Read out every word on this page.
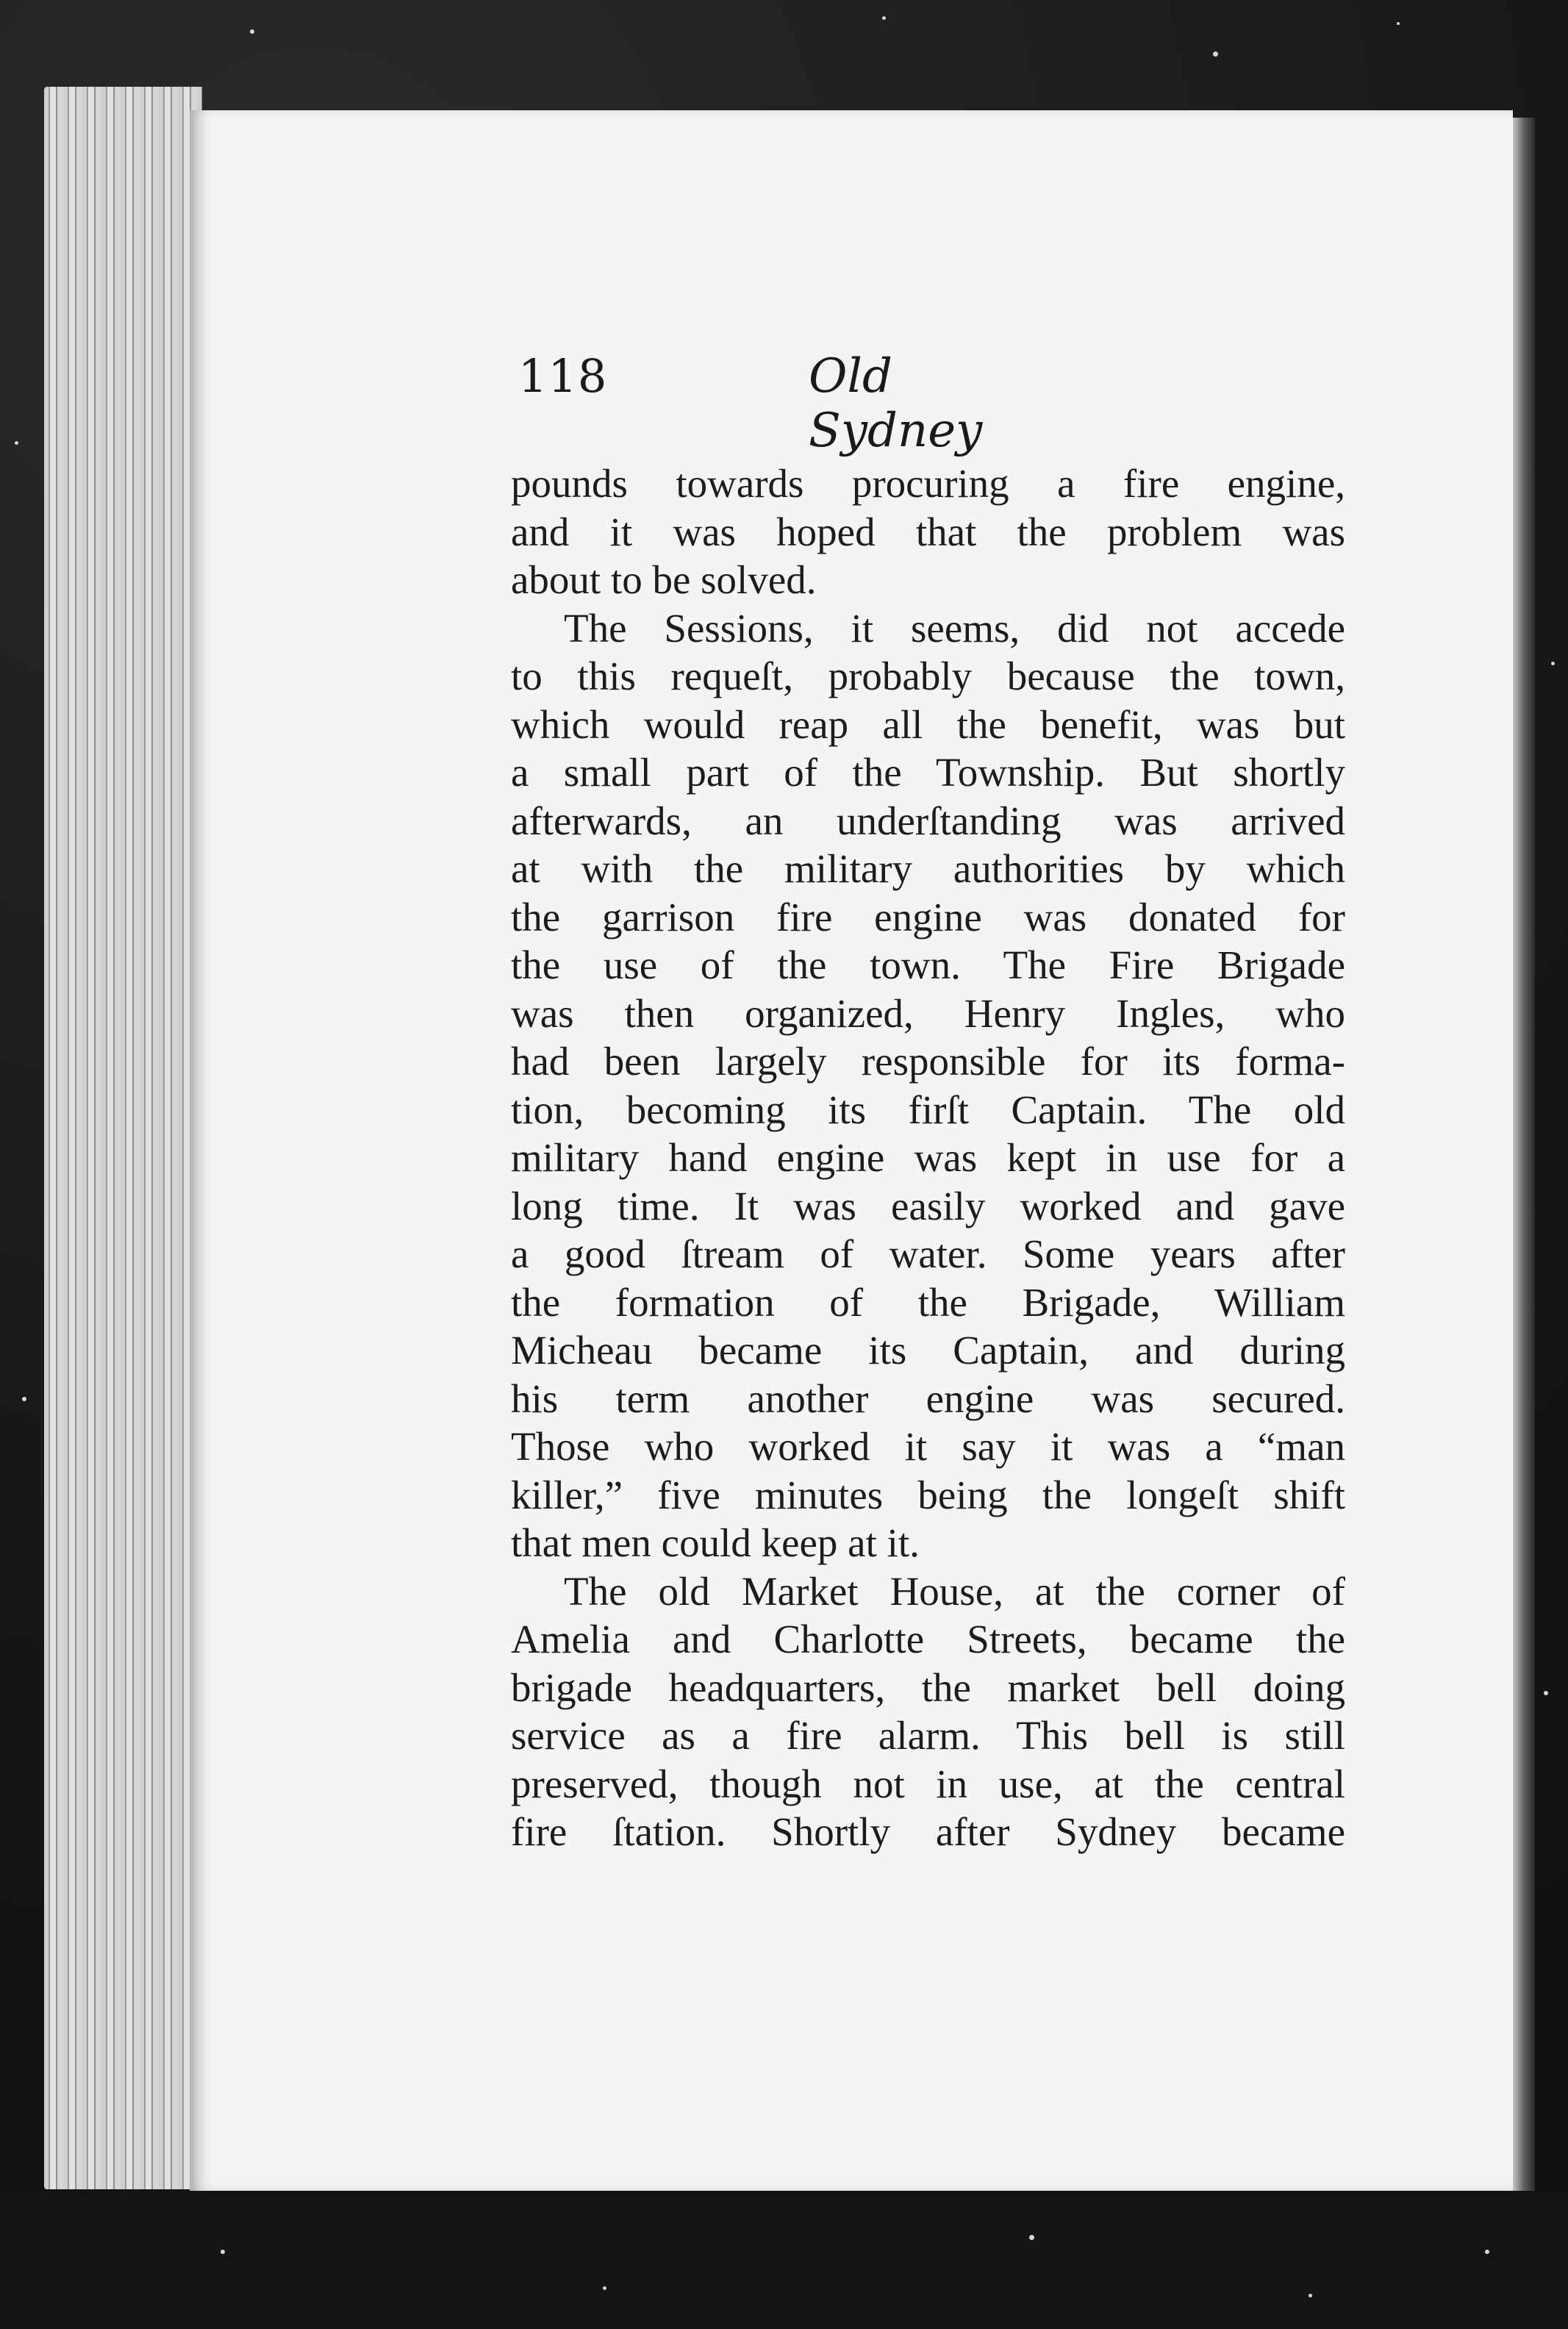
118	Old Sydney
pounds towards procuring a fire engine,
and it was hoped that the problem was
about to be solved.
The Sessions, it seems, did not accede
to this requeſt, probably because the town,
which would reap all the benefit, was but
a small part of the Township. But shortly
afterwards, an underſtanding was arrived
at with the military authorities by which
the garrison fire engine was donated for
the use of the town. The Fire Brigade
was then organized, Henry Ingles, who
had been largely responsible for its forma-
tion, becoming its firſt Captain. The old
military hand engine was kept in use for a
long time. It was easily worked and gave
a good ſtream of water. Some years after
the formation of the Brigade, William
Micheau became its Captain, and during
his term another engine was secured.
Those who worked it say it was a “man
killer,” five minutes being the longeſt shift
that men could keep at it.
The old Market House, at the corner of
Amelia and Charlotte Streets, became the
brigade headquarters, the market bell doing
service as a fire alarm. This bell is still
preserved, though not in use, at the central
fire ſtation. Shortly after Sydney became
